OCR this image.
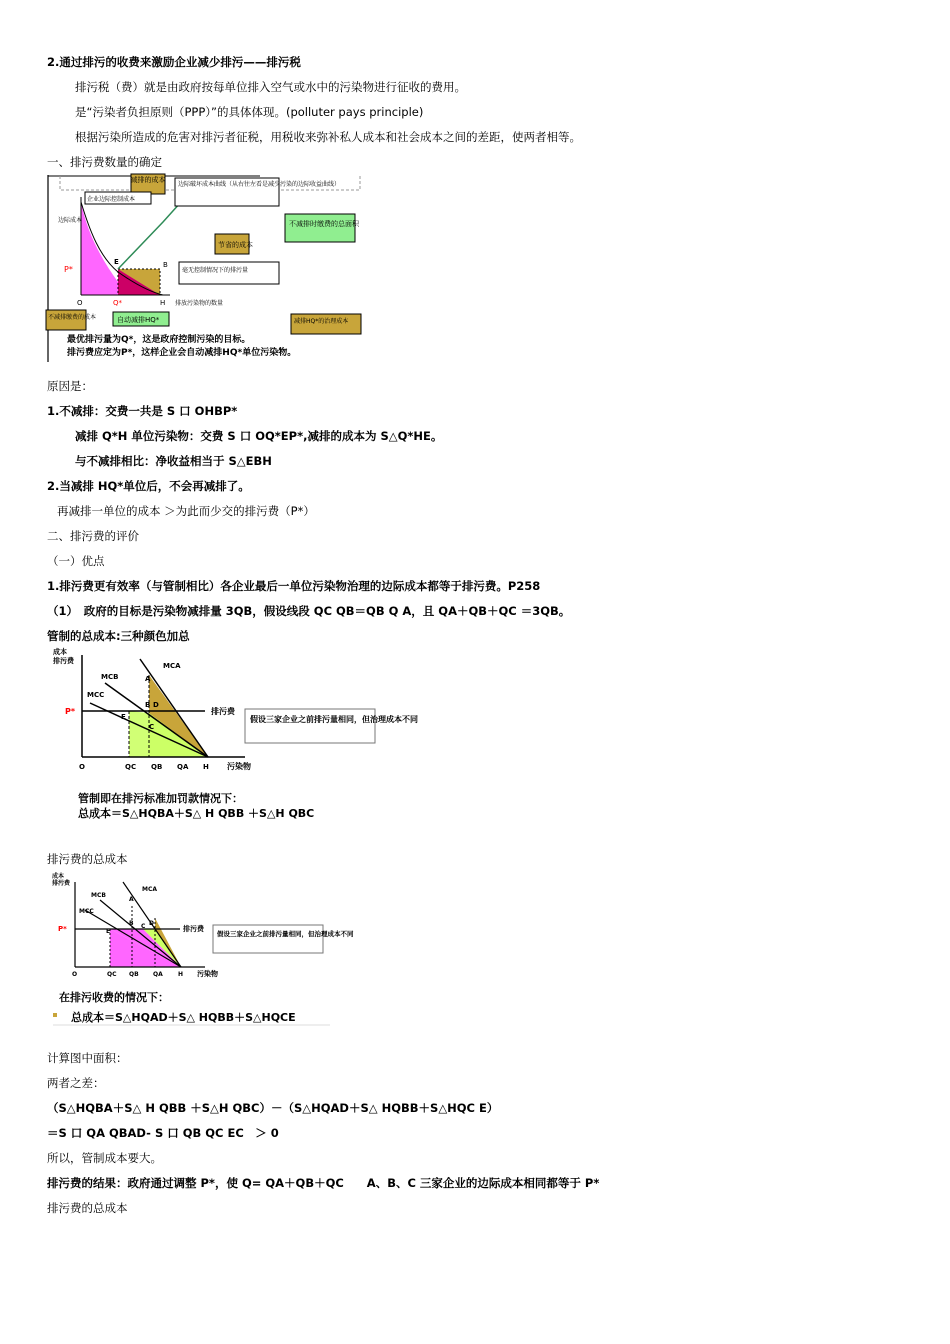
2.通过排污的收费来激励企业减少排污——排污税
排污税（费）就是由政府按每单位排入空气或水中的污染物进行征收的费用。
是“污染者负担原则（PPP）”的具体体现。(polluter pays principle)
根据污染所造成的危害对排污者征税，用税收来弥补私人成本和社会成本之间的差距，使两者相等。
一、排污费数量的确定
减排的成本
边际破坏成本曲线（从右往左看是减少污染的边际收益曲线）
企业边际控制成本
边际成本	不减排时缴费的总面积
节省的成本
E	B
P*
O	Q*	H 排放污染物的数量
毫无控制情况下的排污量
不减排缴费的成本	自动减排HQ*	减排HQ*的治理成本
最优排污量为Q*，这是政府控制污染的目标。
排污费应定为P*，这样企业会自动减排HQ*单位污染物。
原因是：
1.不减排：交费一共是 S 口 OHBP*
减排 Q*H 单位污染物：交费 S 口 OQ*EP*,减排的成本为 S△Q*HE。
与不减排相比：净收益相当于 S△EBH
2.当减排 HQ*单位后，不会再减排了。
再减排一单位的成本 ＞为此而少交的排污费（P*）
二、排污费的评价
（一）优点
1.排污费更有效率（与管制相比）各企业最后一单位污染物治理的边际成本都等于排污费。P258
（1）　政府的目标是污染物减排量 3QB，假设线段 QC QB＝QB Q A，且 QA＋QB＋QC ＝3QB。
管制的总成本:三种颜色加总
成本
排污费
MCA
MCB
MCC
P*	排污费
A
B
C
D
E
O	QC QB QA H 污染物
假设三家企业之前排污量相同，但治理成本不同
管制即在排污标准加罚款情况下：
总成本＝S△HQBA＋S△ H QBB ＋S△H QBC
排污费的总成本
成本
排污费
MCA
MCB
MCC
P*	排污费
A
B C D
E
O	QC QB QA	H 污染物
假设三家企业之前排污量相同，但治理成本不同
在排污收费的情况下：
总成本＝S△HQAD＋S△ HQBB＋S△HQCE
计算图中面积：
两者之差：
（S△HQBA＋S△ H QBB ＋S△H QBC）－（S△HQAD＋S△ HQBB＋S△HQC E）
＝S 口 QA QBAD- S 口 QB QC EC　＞ 0
所以，管制成本要大。
排污费的结果：政府通过调整 P*，使 Q= QA＋QB＋QC　　A、B、C 三家企业的边际成本相同都等于 P*
排污费的总成本
